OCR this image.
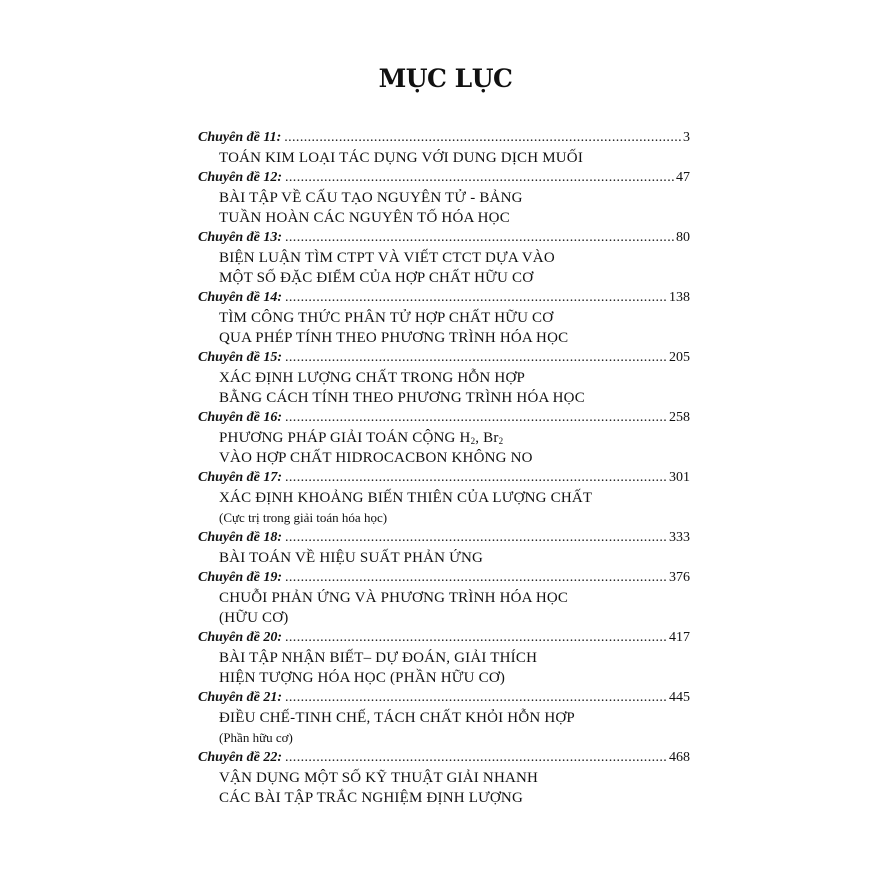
MỤC LỤC
Chuyên đề 11: .....	3
TOÁN KIM LOẠI TÁC DỤNG VỚI DUNG DỊCH MUỐI
Chuyên đề 12: .....	47
BÀI TẬP VỀ CẤU TẠO NGUYÊN TỬ - BẢNG
TUẦN HOÀN CÁC NGUYÊN TỐ HÓA HỌC
Chuyên đề 13: .....	80
BIỆN LUẬN TÌM CTPT VÀ VIẾT CTCT DỰA VÀO
MỘT SỐ ĐẶC ĐIỂM CỦA HỢP CHẤT HỮU CƠ
Chuyên đề 14: .....	138
TÌM CÔNG THỨC PHÂN TỬ HỢP CHẤT HỮU CƠ
QUA PHÉP TÍNH THEO PHƯƠNG TRÌNH HÓA HỌC
Chuyên đề 15: .....	205
XÁC ĐỊNH LƯỢNG CHẤT TRONG HỖN HỢP
BẰNG CÁCH TÍNH THEO PHƯƠNG TRÌNH HÓA HỌC
Chuyên đề 16: .....	258
PHƯƠNG PHÁP GIẢI TOÁN CỘNG $H_2$, $Br_2$
VÀO HỢP CHẤT HIDROCACBON KHÔNG NO
Chuyên đề 17: .....	301
XÁC ĐỊNH KHOẢNG BIẾN THIÊN CỦA LƯỢNG CHẤT
(Cực trị trong giải toán hóa học)
Chuyên đề 18: .....	333
BÀI TOÁN VỀ HIỆU SUẤT PHẢN ỨNG
Chuyên đề 19: .....	376
CHUỖI PHẢN ỨNG VÀ PHƯƠNG TRÌNH HÓA HỌC
(HỮU CƠ)
Chuyên đề 20: .....	417
BÀI TẬP NHẬN BIẾT– DỰ ĐOÁN, GIẢI THÍCH
HIỆN TƯỢNG HÓA HỌC (PHẦN HỮU CƠ)
Chuyên đề 21: .....	445
ĐIỀU CHẾ-TINH CHẾ, TÁCH CHẤT KHỎI HỖN HỢP
(Phần hữu cơ)
Chuyên đề 22: .....	468
VẬN DỤNG MỘT SỐ KỸ THUẬT GIẢI NHANH
CÁC BÀI TẬP TRẮC NGHIỆM ĐỊNH LƯỢNG
